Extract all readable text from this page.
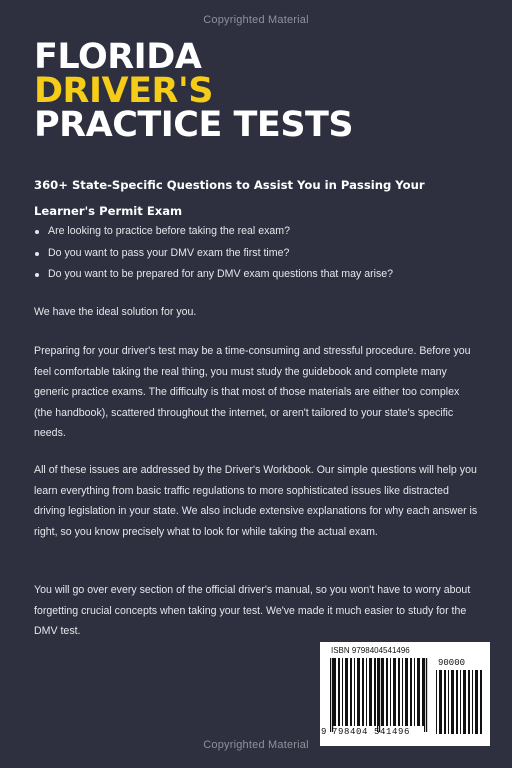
Copyrighted Material
FLORIDA
DRIVER'S
PRACTICE TESTS
360+ State-Specific Questions to Assist You in Passing Your Learner's Permit Exam
Are looking to practice before taking the real exam?
Do you want to pass your DMV exam the first time?
Do you want to be prepared for any DMV exam questions that may arise?

We have the ideal solution for you.

Preparing for your driver's test may be a time-consuming and stressful procedure. Before you feel comfortable taking the real thing, you must study the guidebook and complete many generic practice exams. The difficulty is that most of those materials are either too complex (the handbook), scattered throughout the internet, or aren't tailored to your state's specific needs.

All of these issues are addressed by the Driver's Workbook. Our simple questions will help you learn everything from basic traffic regulations to more sophisticated issues like distracted driving legislation in your state. We also include extensive explanations for why each answer is right, so you know precisely what to look for while taking the actual exam.

You will go over every section of the official driver's manual, so you won't have to worry about forgetting crucial concepts when taking your test. We've made it much easier to study for the DMV test.

ISBN 9798404541496
90000
9 798404 541496
Copyrighted Material
